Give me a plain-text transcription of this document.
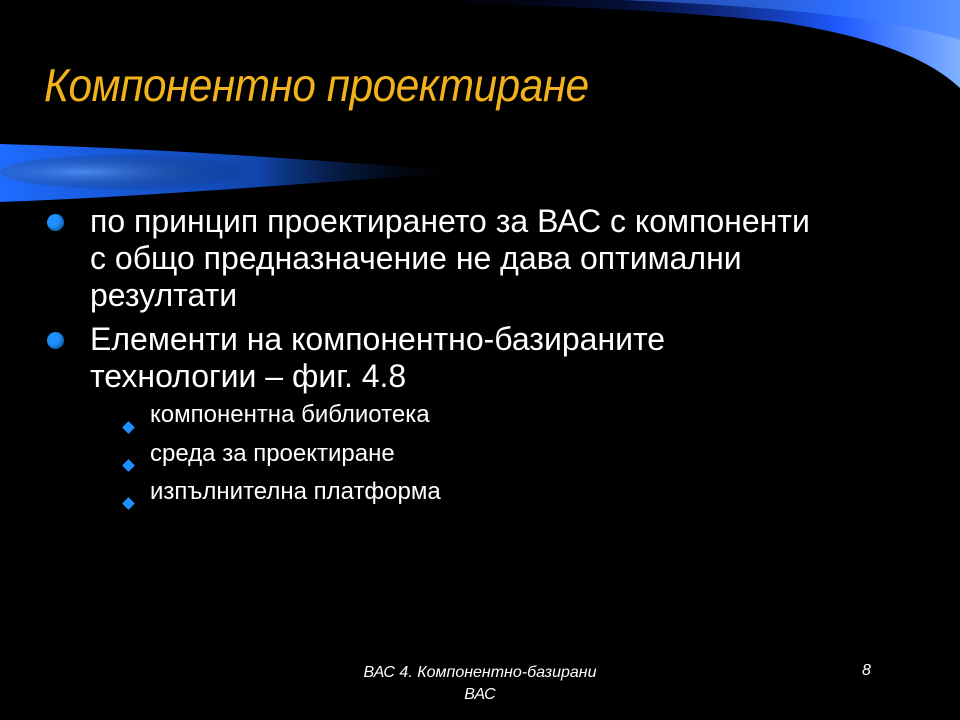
Компонентно проектиране
по принцип проектирането за ВАС с компоненти
с общо предназначение не дава оптимални
резултати
Елементи на компонентно-базираните
технологии – фиг. 4.8
компонентна библиотека
среда за проектиране
изпълнителна платформа
ВАС 4. Компонентно-базирани
ВАС
8
